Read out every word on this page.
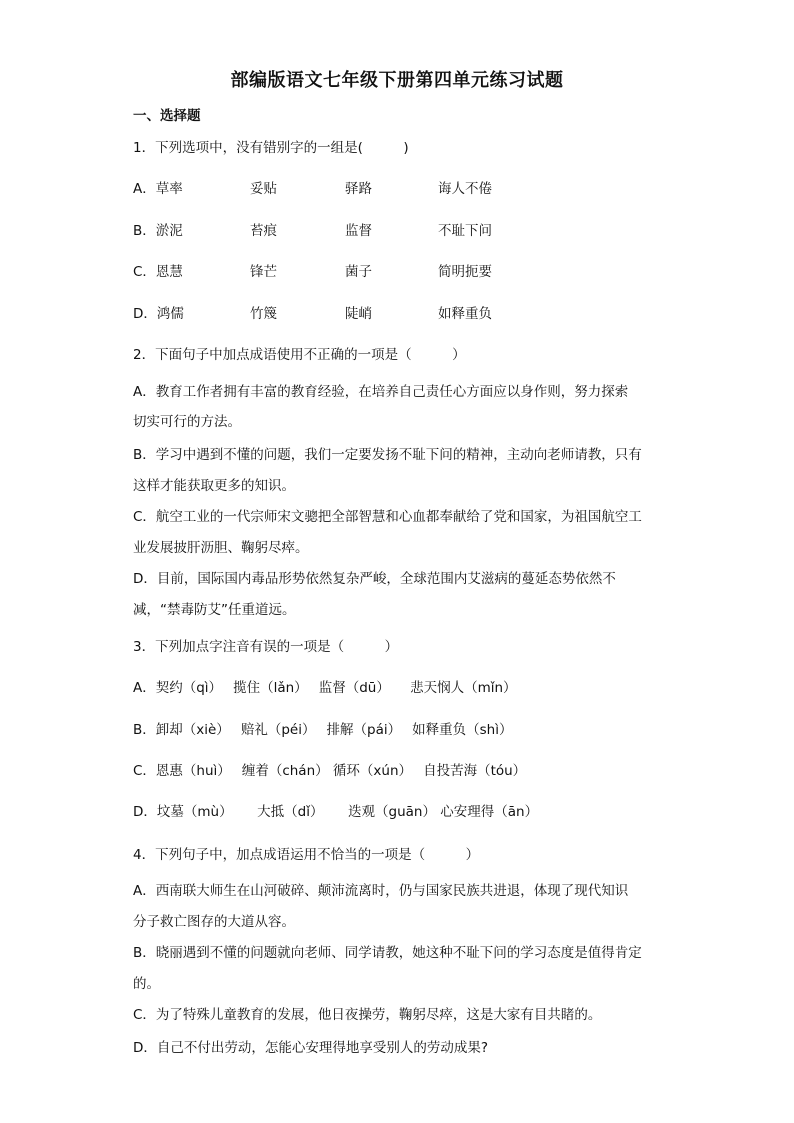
部编版语文七年级下册第四单元练习试题
一、选择题
1．下列选项中，没有错别字的一组是(　　　)
A．草率	妥贴	驿路	诲人不倦
B．淤泥	苔痕	监督	不耻下问
C．恩慧	锋芒	菌子	简明扼要
D．鸿儒	竹篾	陡峭	如释重负
2．下面句子中加点成语使用不正确的一项是（　　　）
A．教育工作者拥有丰富的教育经验，在培养自己责任心方面应以身作则，努力探索
切实可行的方法。
B．学习中遇到不懂的问题，我们一定要发扬不耻下问的精神，主动向老师请教，只有
这样才能获取更多的知识。
C．航空工业的一代宗师宋文骢把全部智慧和心血都奉献给了党和国家，为祖国航空工
业发展披肝沥胆、鞠躬尽瘁。
D．目前，国际国内毒品形势依然复杂严峻，全球范围内艾滋病的蔓延态势依然不
减，“禁毒防艾”任重道远。
3．下列加点字注音有误的一项是（　　　）
A．契约（qì）　 揽住（lǎn）　 监督（dū）　　悲天悯人（mǐn）
B．卸却（xiè）　 赔礼（péi）　 排解（pái）　 如释重负（shì）
C．恩惠（huì）　 缠着（chán） 循环（xún）　 自投苦海（tóu）
D．坟墓（mù）　　 大抵（dǐ）　　 迭观（guān） 心安理得（ān）
4．下列句子中，加点成语运用不恰当的一项是（　　　）
A．西南联大师生在山河破碎、颠沛流离时，仍与国家民族共进退，体现了现代知识
分子救亡图存的大道从容。
B．晓丽遇到不懂的问题就向老师、同学请教，她这种不耻下问的学习态度是值得肯定
的。
C．为了特殊儿童教育的发展，他日夜操劳，鞠躬尽瘁，这是大家有目共睹的。
D．自己不付出劳动，怎能心安理得地享受别人的劳动成果?
